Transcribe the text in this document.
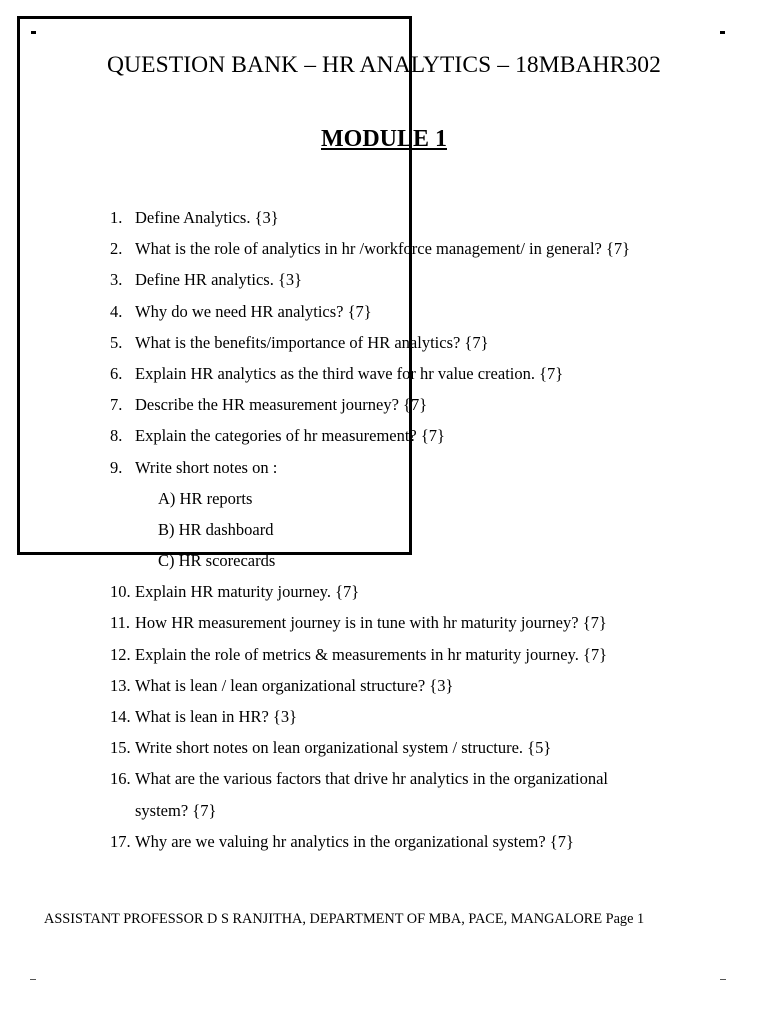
QUESTION BANK – HR ANALYTICS – 18MBAHR302
MODULE 1
1. Define Analytics. {3}
2. What is the role of analytics in hr /workforce management/ in general? {7}
3. Define HR analytics. {3}
4. Why do we need HR analytics? {7}
5. What is the benefits/importance of HR analytics? {7}
6. Explain HR analytics as the third wave for hr value creation. {7}
7. Describe the HR measurement journey? {7}
8. Explain the categories of hr measurement? {7}
9. Write short notes on :
A) HR reports
B) HR dashboard
C) HR scorecards
10. Explain HR maturity journey. {7}
11. How HR measurement journey is in tune with hr maturity journey? {7}
12. Explain the role of metrics & measurements in hr maturity journey. {7}
13. What is lean / lean organizational structure? {3}
14. What is lean in HR? {3}
15. Write short notes on lean organizational system / structure. {5}
16. What are the various factors that drive hr analytics in the organizational
system? {7}
17. Why are we valuing hr analytics in the organizational system? {7}
ASSISTANT PROFESSOR D S RANJITHA, DEPARTMENT OF MBA, PACE, MANGALORE Page 1
